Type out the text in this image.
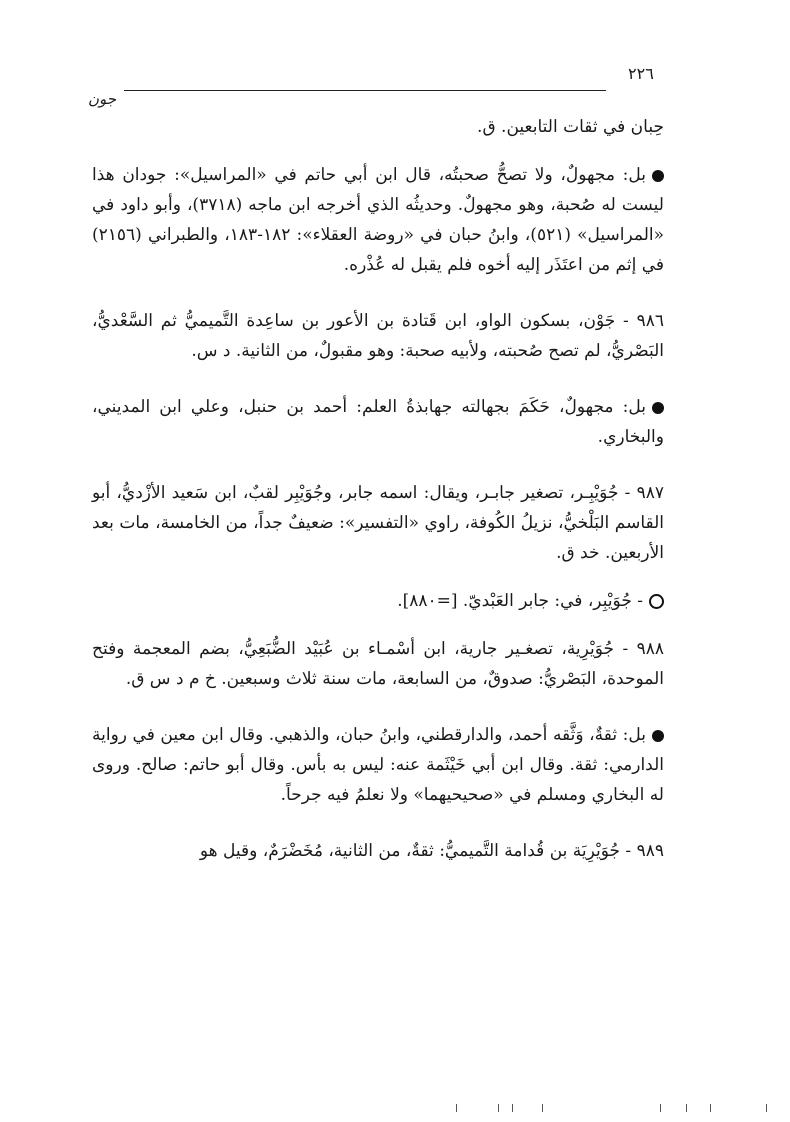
٢٢٦
جون

حِبان في ثقات التابعين. ق.

بل: مجهولٌ، ولا تصحُّ صحبتُه، قال ابن أبي حاتم في «المراسيل»: جودان هذا ليست له صُحبة، وهو مجهولٌ. وحديثُه الذي أخرجه ابن ماجه (٣٧١٨)، وأبو داود في «المراسيل» (٥٢١)، وابنُ حبان في «روضة العقلاء»: ١٨٢-١٨٣، والطبراني (٢١٥٦) في إثم من اعتَذَر إليه أخوه فلم يقبل له عُذْره.

٩٨٦ - جَوْن، بسكون الواو، ابن قَتادة بن الأعور بن ساعِدة التَّميميُّ ثم السَّعْديُّ، البَصْريُّ، لم تصح صُحبته، ولأبيه صحبة: وهو مقبولٌ، من الثانية. د س.

بل: مجهولٌ، حَكَمَ بجهالته جهابذةُ العلم: أحمد بن حنبل، وعلي ابن المديني، والبخاري.

٩٨٧ - جُوَيْبِـر، تصغير جابـر، ويقال: اسمه جابر، وجُوَيْبِر لقبٌ، ابن سَعيد الأزْديُّ، أبو القاسم البَلْخيُّ، نزيلُ الكُوفة، راوي «التفسير»: ضعيفٌ جداً، من الخامسة، مات بعد الأربعين. خد ق.

- جُوَيْبِر، في: جابر العَبْديّ. [=٨٨٠].

٩٨٨ - جُوَيْرِية، تصغـير جارية، ابن أسْمـاء بن عُبَيْد الضُّبَعِيُّ، بضم المعجمة وفتح الموحدة، البَصْريُّ: صدوقٌ، من السابعة، مات سنة ثلاث وسبعين. خ م د س ق.

بل: ثقةٌ، وَثَّقه أحمد، والدارقطني، وابنُ حبان، والذهبي. وقال ابن معين في رواية الدارمي: ثقة. وقال ابن أبي خَيْثَمة عنه: ليس به بأس. وقال أبو حاتم: صالح. وروى له البخاري ومسلم في «صحيحيهما» ولا نعلمُ فيه جرحاً.

٩٨٩ - جُوَيْرِيَة بن قُدامة التَّميميُّ: ثقةٌ، من الثانية، مُخَضْرَمٌ، وقيل هو
